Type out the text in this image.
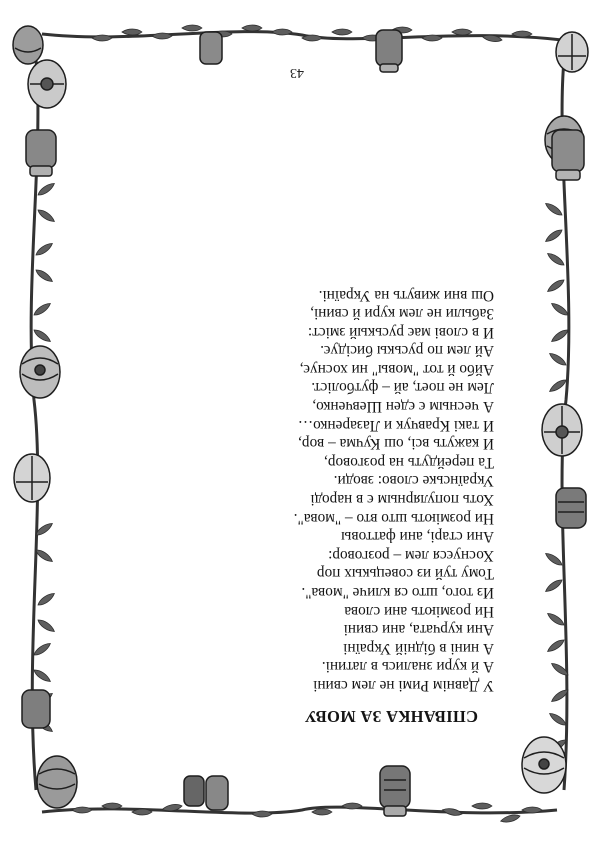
СПІВАНКА ЗА МОВУ
У Давнім Римі не лем свині
А й кури знались в латині.
А нині в бідній Україні
Ани курчата, ани свині
Ни розміють ани слова
Из того, што ся кличе "мова".
Тому туй из совецькых пор
Хоснуєся лем – розговор:
Ани старі, ани фаттовы
Ни розміють што вто – "мова".
Хоть популярным є в народі
Українське слово: зводи.
Та перейдуть на розговор,
И кажуть всі, ош Кучма – вор,
И такі Кравчук и Лазаренко…
А чесным є єден Шевченко,
Лем не поет, ай – футболіст.
Айбо й тот "мовы" ни хоснує,
Ай лем по руськы бисідує.
И в слові має руськый зміст:
Забыли не лем кури й свині,
Ош вни живуть на Україні.
43
